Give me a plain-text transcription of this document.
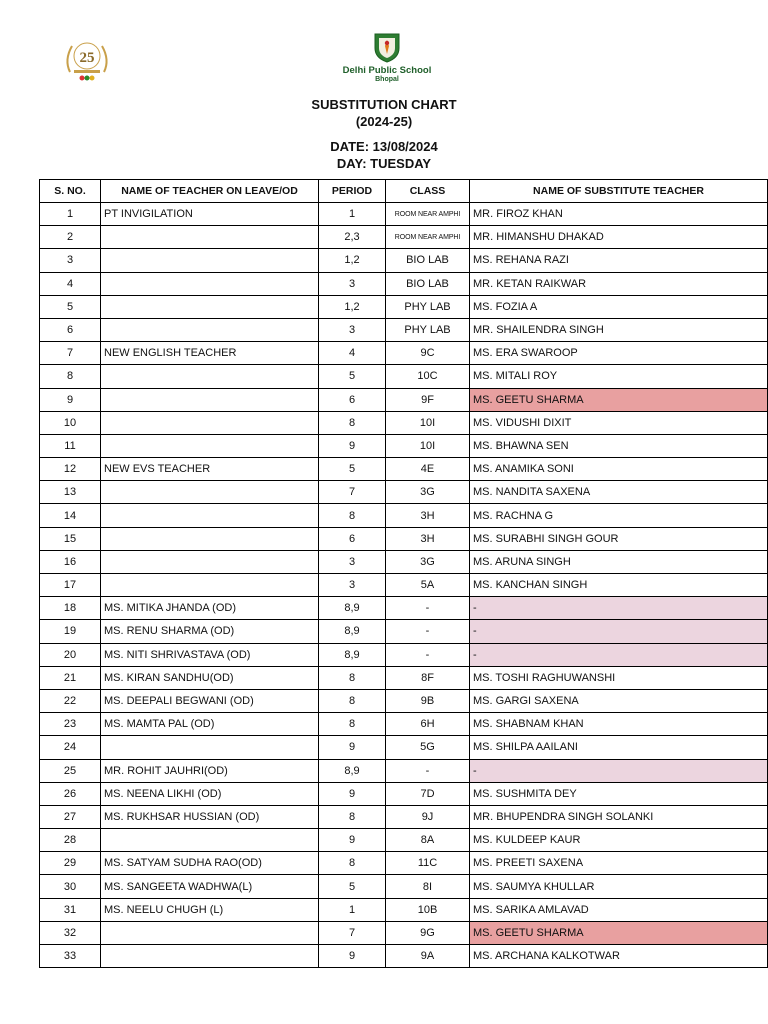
25
Delhi Public School
Bhopal
SUBSTITUTION CHART
(2024-25)
DATE: 13/08/2024
DAY: TUESDAY
S. NO.	NAME OF TEACHER ON LEAVE/OD	PERIOD	CLASS	NAME OF SUBSTITUTE TEACHER
1	PT INVIGILATION	1	ROOM NEAR AMPHI	MR. FIROZ KHAN
2		2,3	ROOM NEAR AMPHI	MR. HIMANSHU DHAKAD
3		1,2	BIO LAB	MS. REHANA RAZI
4		3	BIO LAB	MR. KETAN RAIKWAR
5		1,2	PHY LAB	MS. FOZIA A
6		3	PHY LAB	MR. SHAILENDRA SINGH
7	NEW ENGLISH TEACHER	4	9C	MS. ERA SWAROOP
8		5	10C	MS. MITALI ROY
9		6	9F	MS. GEETU SHARMA
10		8	10I	MS. VIDUSHI DIXIT
11		9	10I	MS. BHAWNA SEN
12	NEW EVS TEACHER	5	4E	MS. ANAMIKA SONI
13		7	3G	MS. NANDITA SAXENA
14		8	3H	MS. RACHNA G
15		6	3H	MS. SURABHI SINGH GOUR
16		3	3G	MS. ARUNA SINGH
17		3	5A	MS. KANCHAN SINGH
18	MS. MITIKA JHANDA (OD)	8,9	-	-
19	MS. RENU SHARMA (OD)	8,9	-	-
20	MS. NITI SHRIVASTAVA (OD)	8,9	-	-
21	MS. KIRAN SANDHU(OD)	8	8F	MS. TOSHI RAGHUWANSHI
22	MS. DEEPALI BEGWANI (OD)	8	9B	MS. GARGI SAXENA
23	MS. MAMTA PAL (OD)	8	6H	MS. SHABNAM KHAN
24		9	5G	MS. SHILPA AAILANI
25	MR. ROHIT JAUHRI(OD)	8,9	-	-
26	MS. NEENA LIKHI (OD)	9	7D	MS. SUSHMITA DEY
27	MS. RUKHSAR HUSSIAN (OD)	8	9J	MR. BHUPENDRA SINGH SOLANKI
28		9	8A	MS. KULDEEP KAUR
29	MS. SATYAM SUDHA RAO(OD)	8	11C	MS. PREETI SAXENA
30	MS. SANGEETA WADHWA(L)	5	8I	MS. SAUMYA KHULLAR
31	MS. NEELU CHUGH (L)	1	10B	MS. SARIKA AMLAVAD
32		7	9G	MS. GEETU SHARMA
33		9	9A	MS. ARCHANA KALKOTWAR
